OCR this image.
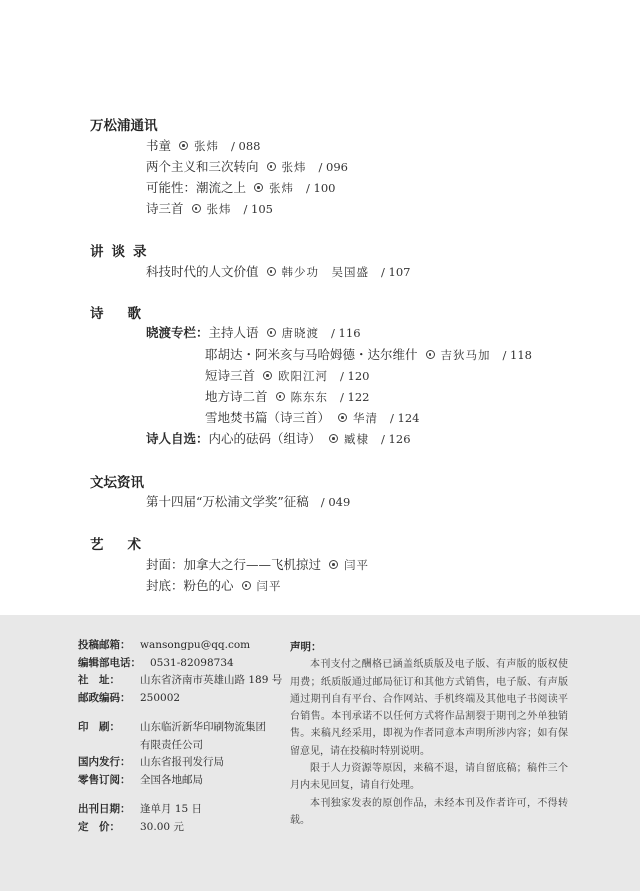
万松浦通讯
书童 张炜 / 088
两个主义和三次转向 张炜 / 096
可能性：潮流之上 张炜 / 100
诗三首 张炜 / 105
讲谈录
科技时代的人文价值 韩少功　吴国盛 / 107
诗歌
晓渡专栏：主持人语 唐晓渡 / 116
耶胡达・阿米亥与马哈姆德・达尔维什 吉狄马加 / 118
短诗三首 欧阳江河 / 120
地方诗二首 陈东东 / 122
雪地焚书篇（诗三首） 华清 / 124
诗人自选：内心的砝码（组诗） 臧棣 / 126
文坛资讯
第十四届“万松浦文学奖”征稿 / 049
艺术
封面：加拿大之行——飞机掠过 闫平
封底：粉色的心 闫平
投稿邮箱： wansongpu@qq.com
编辑部电话： 0531-82098734
社　址：	山东省济南市英雄山路 189 号
邮政编码： 250002
印　刷：	山东临沂新华印刷物流集团
有限责任公司
国内发行： 山东省报刊发行局
零售订阅： 全国各地邮局
出刊日期： 逢单月 15 日
定　价：	30.00 元
声明：

本刊支付之酬格已涵盖纸质版及电子版、有声版的版权使用费；纸质版通过邮局征订和其他方式销售，电子版、有声版通过期刊自有平台、合作网站、手机终端及其他电子书阅读平台销售。本刊承诺不以任何方式将作品割裂于期刊之外单独销售。来稿凡经采用，即视为作者同意本声明所涉内容；如有保留意见，请在投稿时特别说明。

限于人力资源等原因，来稿不退，请自留底稿；稿件三个月内未见回复，请自行处理。

本刊独家发表的原创作品，未经本刊及作者许可，不得转载。
